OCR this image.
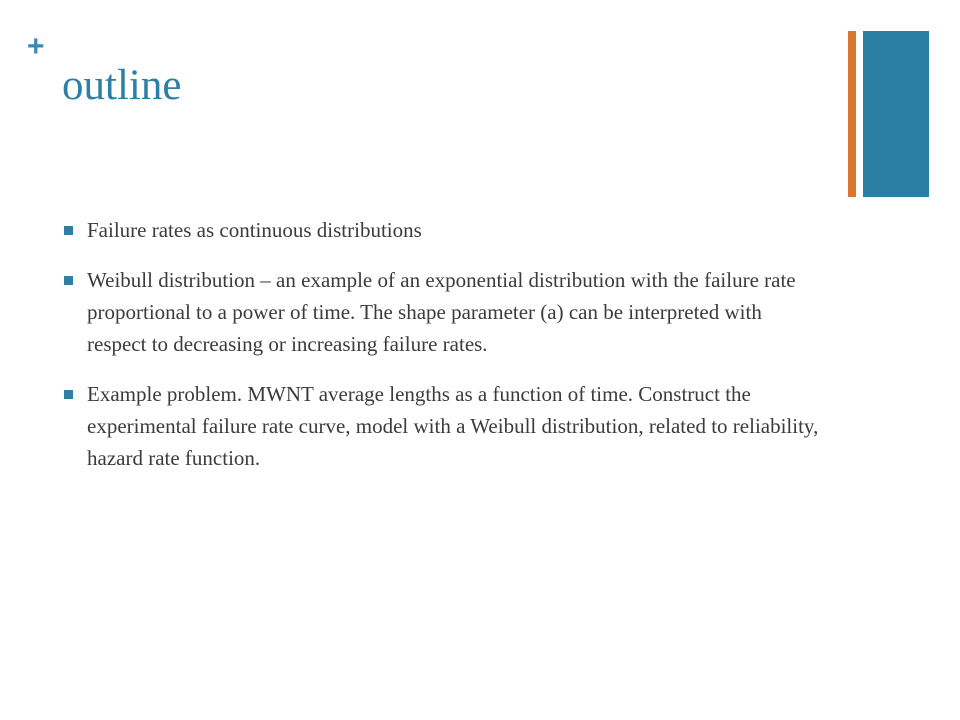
+
outline
Failure rates as continuous distributions
Weibull distribution – an example of an exponential distribution with the failure rate proportional to a power of time. The shape parameter (a) can be interpreted with respect to decreasing or increasing failure rates.
Example problem. MWNT average lengths as a function of time. Construct the experimental failure rate curve, model with a Weibull distribution, related to reliability, hazard rate function.
